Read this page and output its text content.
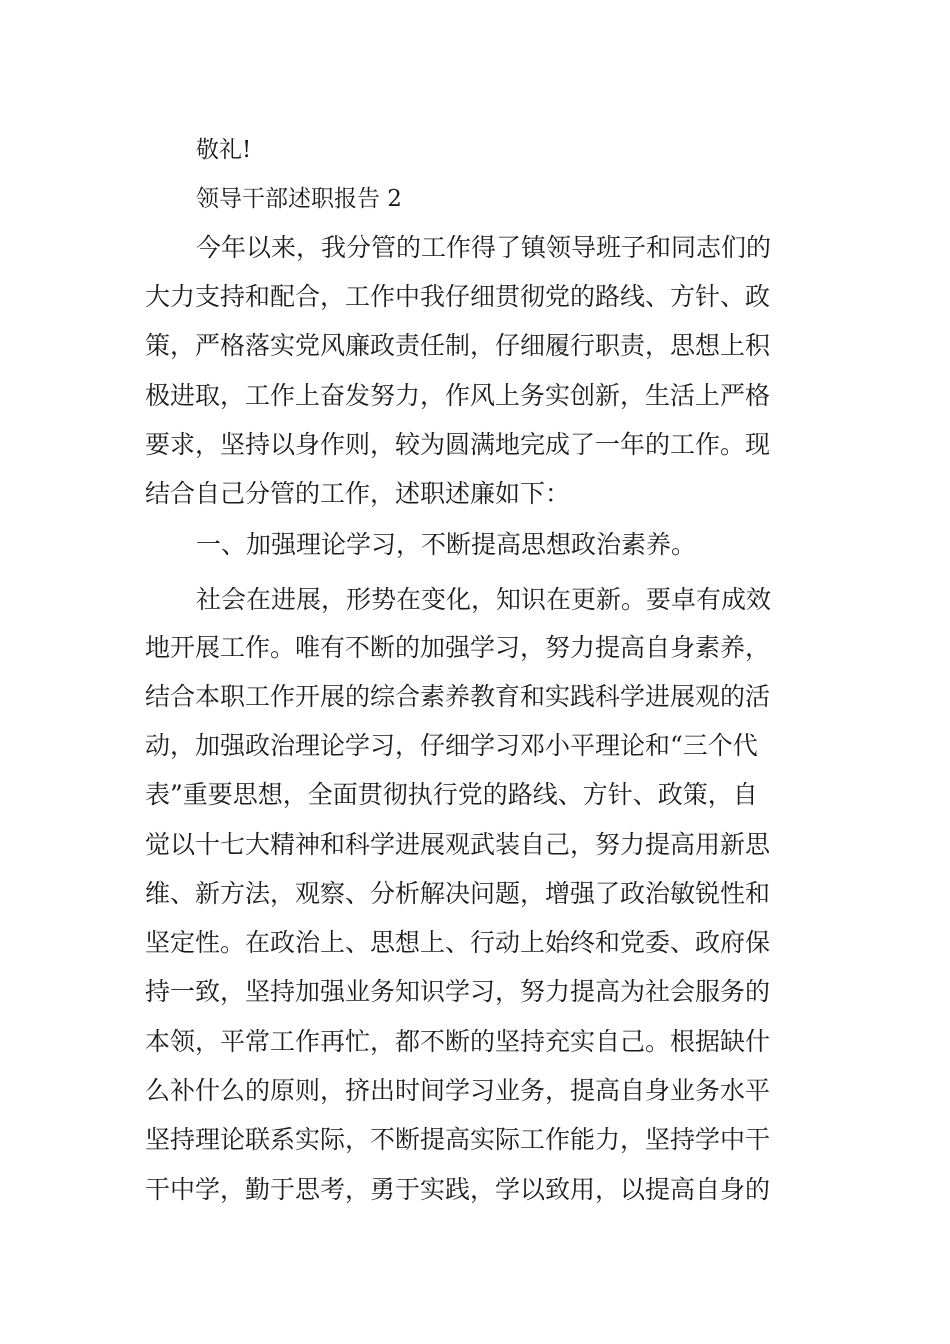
敬礼!

领导干部述职报告 2

今年以来，我分管的工作得了镇领导班子和同志们的

大力支持和配合，工作中我仔细贯彻党的路线、方针、政

策，严格落实党风廉政责任制，仔细履行职责，思想上积

极进取，工作上奋发努力，作风上务实创新，生活上严格

要求，坚持以身作则，较为圆满地完成了一年的工作。现

结合自己分管的工作，述职述廉如下：

一、加强理论学习，不断提高思想政治素养。

社会在进展，形势在变化，知识在更新。要卓有成效

地开展工作。唯有不断的加强学习，努力提高自身素养，

结合本职工作开展的综合素养教育和实践科学进展观的活

动，加强政治理论学习，仔细学习邓小平理论和“三个代

表”重要思想，全面贯彻执行党的路线、方针、政策，自

觉以十七大精神和科学进展观武装自己，努力提高用新思

维、新方法，观察、分析解决问题，增强了政治敏锐性和

坚定性。在政治上、思想上、行动上始终和党委、政府保

持一致，坚持加强业务知识学习，努力提高为社会服务的

本领，平常工作再忙，都不断的坚持充实自己。根据缺什

么补什么的原则，挤出时间学习业务，提高自身业务水平

坚持理论联系实际，不断提高实际工作能力，坚持学中干

干中学，勤于思考，勇于实践，学以致用，以提高自身的
